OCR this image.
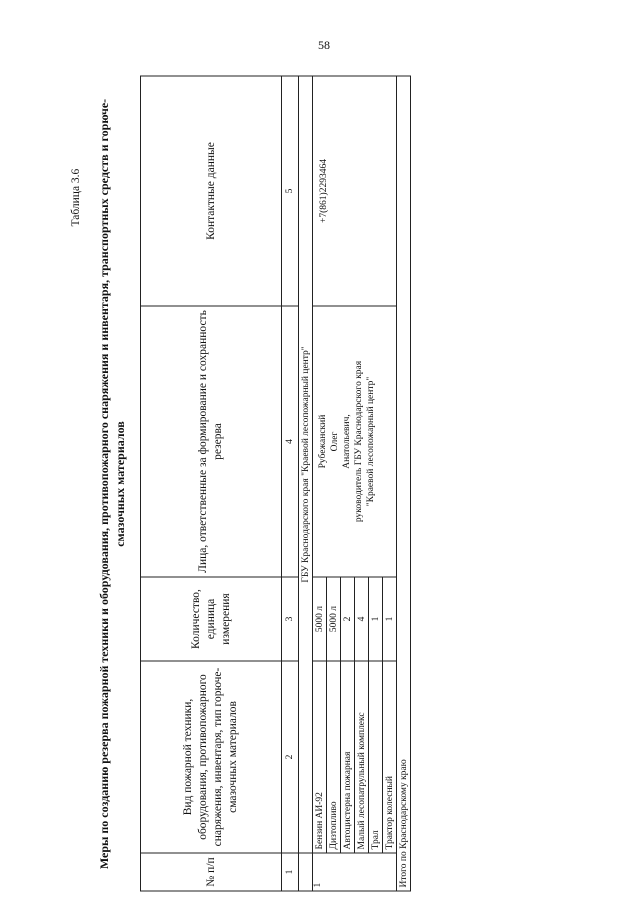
58
Таблица 3.6 Меры по созданию резерва пожарной техники и оборудования, противопожарного снаряжения и инвентаря, транспортных средств и горюче-смазочных материалов
№ п/п	Вид пожарной техники, оборудования, противопожарного снаряжения, инвентаря, тип горюче-смазочных материалов	Количество, единица измерения	Лица, ответственные за формирование и сохранность резерва	Контактные данные
1	2	3	4	5
	ГБУ Краснодарского края "Краевой лесопожарный центр"			
1	Бензин АИ-92	5000 л	Рубежанский Олег Анатольевич, руководитель ГБУ Краснодарского края "Краевой лесопожарный центр"	+7(861)2293464
	Дизтопливо	5000 л		
	Автоцистерна пожарная	2		
	Малый лесопатрульный комплекс	4		
	Трал	1		
	Трактор колесный	1		
Итого по Краснодарскому краю				
